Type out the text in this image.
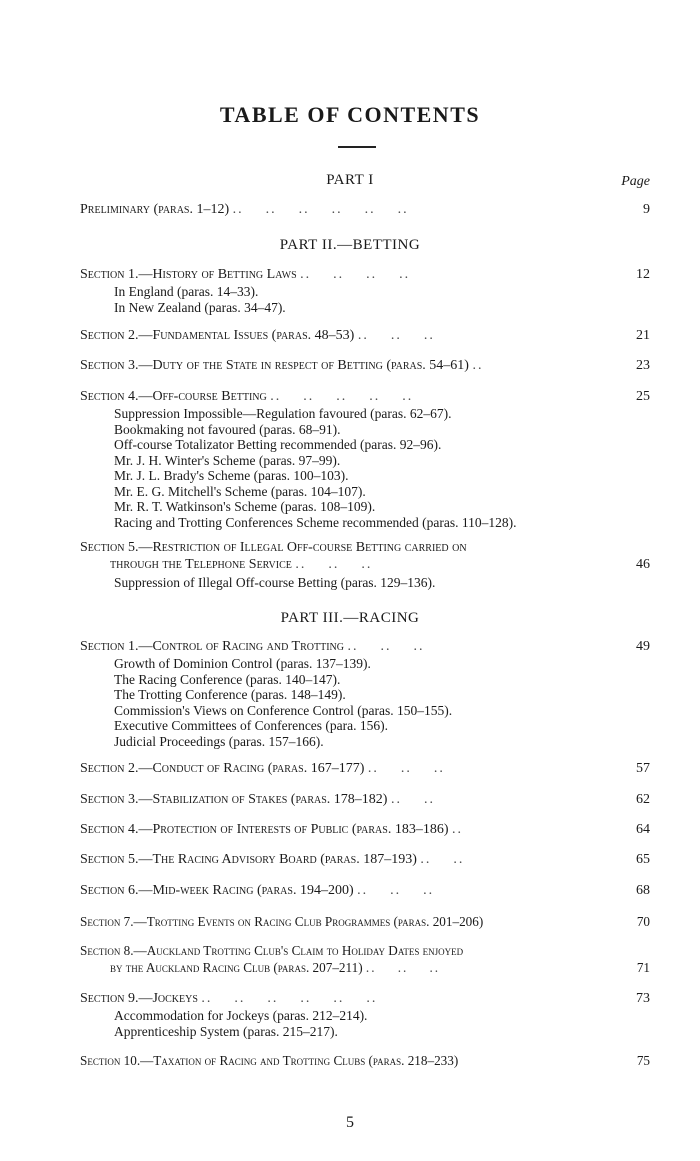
TABLE OF CONTENTS
PART I	Page
Preliminary (paras. 1–12) ..    ..    ..    ..    ..    ..	9
PART II.—BETTING
Section 1.—History of Betting Laws ..    ..    ..    ..	12
In England (paras. 14–33).
In New Zealand (paras. 34–47).
Section 2.—Fundamental Issues (paras. 48–53) ..    ..    ..	21
Section 3.—Duty of the State in respect of Betting (paras. 54–61) ..	23
Section 4.—Off-course Betting ..    ..    ..    ..    ..	25
Suppression Impossible—Regulation favoured (paras. 62–67).
Bookmaking not favoured (paras. 68–91).
Off-course Totalizator Betting recommended (paras. 92–96).
Mr. J. H. Winter's Scheme (paras. 97–99).
Mr. J. L. Brady's Scheme (paras. 100–103).
Mr. E. G. Mitchell's Scheme (paras. 104–107).
Mr. R. T. Watkinson's Scheme (paras. 108–109).
Racing and Trotting Conferences Scheme recommended (paras. 110–128).
Section 5.—Restriction of Illegal Off-course Betting carried on
through the Telephone Service ..    ..    ..	46
Suppression of Illegal Off-course Betting (paras. 129–136).
PART III.—RACING
Section 1.—Control of Racing and Trotting ..    ..    ..	49
Growth of Dominion Control (paras. 137–139).
The Racing Conference (paras. 140–147).
The Trotting Conference (paras. 148–149).
Commission's Views on Conference Control (paras. 150–155).
Executive Committees of Conferences (para. 156).
Judicial Proceedings (paras. 157–166).
Section 2.—Conduct of Racing (paras. 167–177) ..    ..    ..	57
Section 3.—Stabilization of Stakes (paras. 178–182) ..    ..	62
Section 4.—Protection of Interests of Public (paras. 183–186) ..	64
Section 5.—The Racing Advisory Board (paras. 187–193) ..    ..	65
Section 6.—Mid-week Racing (paras. 194–200) ..    ..    ..	68
Section 7.—Trotting Events on Racing Club Programmes (paras. 201–206)	70
Section 8.—Auckland Trotting Club's Claim to Holiday Dates enjoyed
by the Auckland Racing Club (paras. 207–211) ..    ..    ..	71
Section 9.—Jockeys ..    ..    ..    ..    ..    ..	73
Accommodation for Jockeys (paras. 212–214).
Apprenticeship System (paras. 215–217).
Section 10.—Taxation of Racing and Trotting Clubs (paras. 218–233)	75
5
